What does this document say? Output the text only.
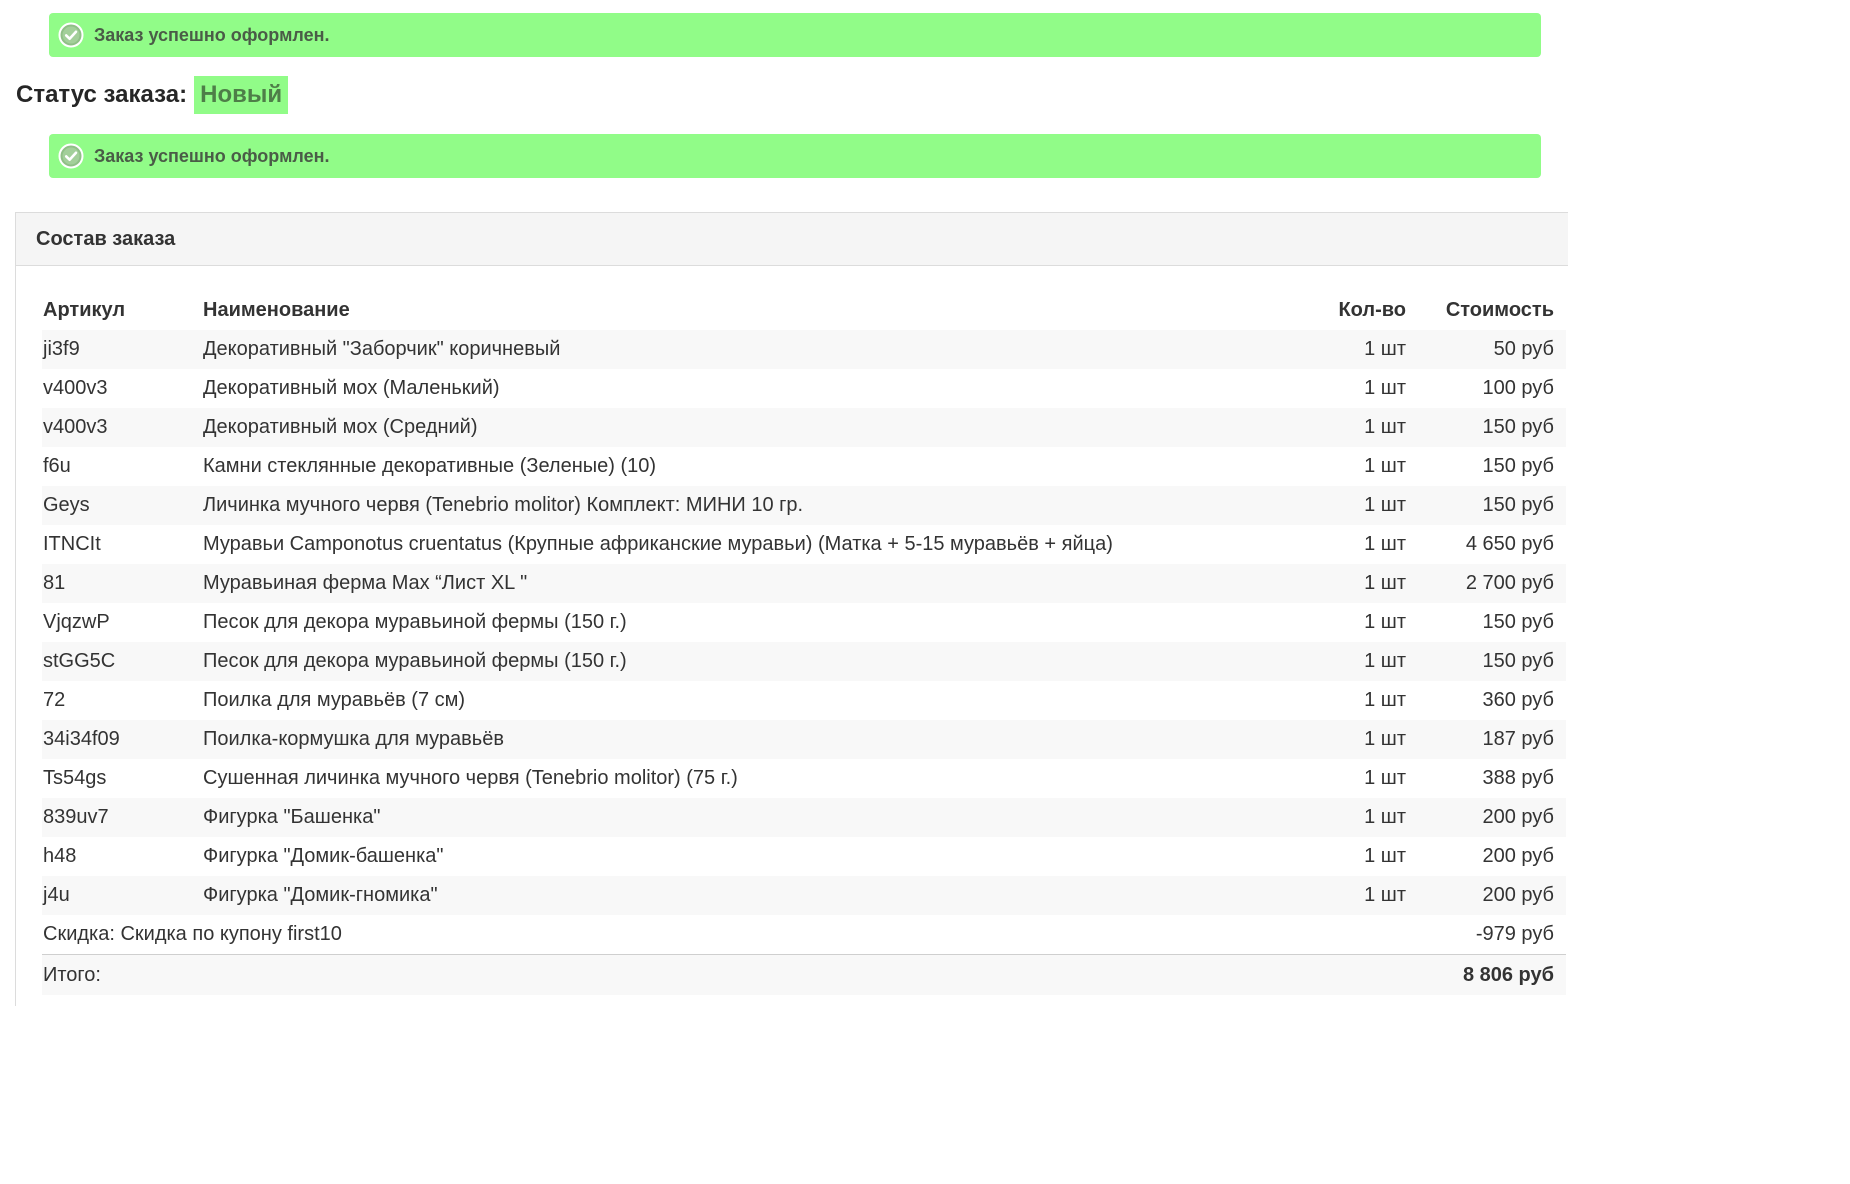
Заказ успешно оформлен.
Статус заказа: Новый
Заказ успешно оформлен.
Состав заказа
Артикул	Наименование	Кол-во	Стоимость
ji3f9	Декоративный "Заборчик" коричневый	1 шт	50 руб
v400v3	Декоративный мох (Маленький)	1 шт	100 руб
v400v3	Декоративный мох (Средний)	1 шт	150 руб
f6u	Камни стеклянные декоративные (Зеленые) (10)	1 шт	150 руб
Geys	Личинка мучного червя (Tenebrio molitor) Комплект: МИНИ 10 гр.	1 шт	150 руб
ITNCIt	Муравьи Camponotus cruentatus (Крупные африканские муравьи) (Матка + 5-15 муравьёв + яйца)	1 шт	4 650 руб
81	Муравьиная ферма Max “Лист XL "	1 шт	2 700 руб
VjqzwP	Песок для декора муравьиной фермы (150 г.)	1 шт	150 руб
stGG5C	Песок для декора муравьиной фермы (150 г.)	1 шт	150 руб
72	Поилка для муравьёв (7 см)	1 шт	360 руб
34i34f09	Поилка-кормушка для муравьёв	1 шт	187 руб
Ts54gs	Сушенная личинка мучного червя (Tenebrio molitor) (75 г.)	1 шт	388 руб
839uv7	Фигурка "Башенка"	1 шт	200 руб
h48	Фигурка "Домик-башенка"	1 шт	200 руб
j4u	Фигурка "Домик-гномика"	1 шт	200 руб
Скидка: Скидка по купону first10			-979 руб
Итого:			8 806 руб
